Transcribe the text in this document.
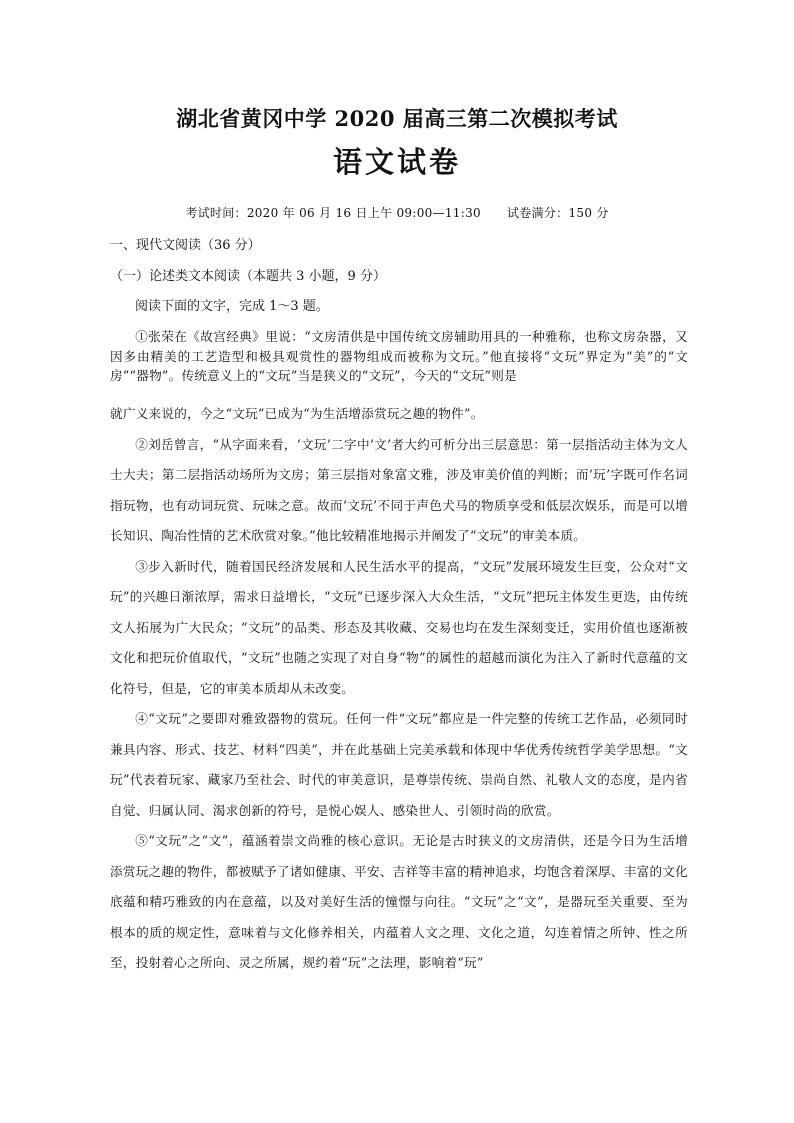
湖北省黄冈中学 2020 届高三第二次模拟考试
语文试卷
考试时间：2020 年 06 月 16 日上午 09:00—11:30 试卷满分：150 分
一、现代文阅读（36 分）
（一）论述类文本阅读（本题共 3 小题，9 分）
阅读下面的文字，完成 1～3 题。

①张荣在《故宫经典》里说：“文房清供是中国传统文房辅助用具的一种雅称，也称文房杂器，又因多由精美的工艺造型和极具观赏性的器物组成而被称为文玩。”他直接将“文玩”界定为“美”的“文房”“器物”。传统意义上的“文玩”当是狭义的“文玩”，今天的“文玩”则是

就广义来说的，今之“文玩”已成为“为生活增添赏玩之趣的物件”。

②刘岳曾言，“从字面来看，‘文玩’二字中‘文’者大约可析分出三层意思：第一层指活动主体为文人士大夫；第二层指活动场所为文房；第三层指对象富文雅，涉及审美价值的判断；而‘玩’字既可作名词指玩物，也有动词玩赏、玩味之意。故而‘文玩’不同于声色犬马的物质享受和低层次娱乐，而是可以增长知识、陶冶性情的艺术欣赏对象。”他比较精准地揭示并阐发了“文玩”的审美本质。

③步入新时代，随着国民经济发展和人民生活水平的提高，“文玩”发展环境发生巨变，公众对“文玩”的兴趣日渐浓厚，需求日益增长，“文玩”已逐步深入大众生活，“文玩”把玩主体发生更迭，由传统文人拓展为广大民众；“文玩”的品类、形态及其收藏、交易也均在发生深刻变迁，实用价值也逐渐被文化和把玩价值取代，“文玩”也随之实现了对自身“物”的属性的超越而演化为注入了新时代意蕴的文化符号，但是，它的审美本质却从未改变。

④“文玩”之要即对雅致器物的赏玩。任何一件“文玩”都应是一件完整的传统工艺作品，必须同时兼具内容、形式、技艺、材料“四美”，并在此基础上完美承载和体现中华优秀传统哲学美学思想。“文玩”代表着玩家、藏家乃至社会、时代的审美意识，是尊崇传统、崇尚自然、礼敬人文的态度，是内省自觉、归属认同、渴求创新的符号，是悦心娱人、感染世人、引领时尚的欣赏。

⑤“文玩”之“文”，蕴涵着崇文尚雅的核心意识。无论是古时狭义的文房清供，还是今日为生活增添赏玩之趣的物件，都被赋予了诸如健康、平安、吉祥等丰富的精神追求，均饱含着深厚、丰富的文化底蕴和精巧雅致的内在意蕴，以及对美好生活的憧憬与向往。“文玩”之“文”，是器玩至关重要、至为根本的质的规定性，意味着与文化修养相关，内蕴着人文之理、文化之道，勾连着情之所钟、性之所至，投射着心之所向、灵之所属，规约着“玩”之法理，影响着“玩”
